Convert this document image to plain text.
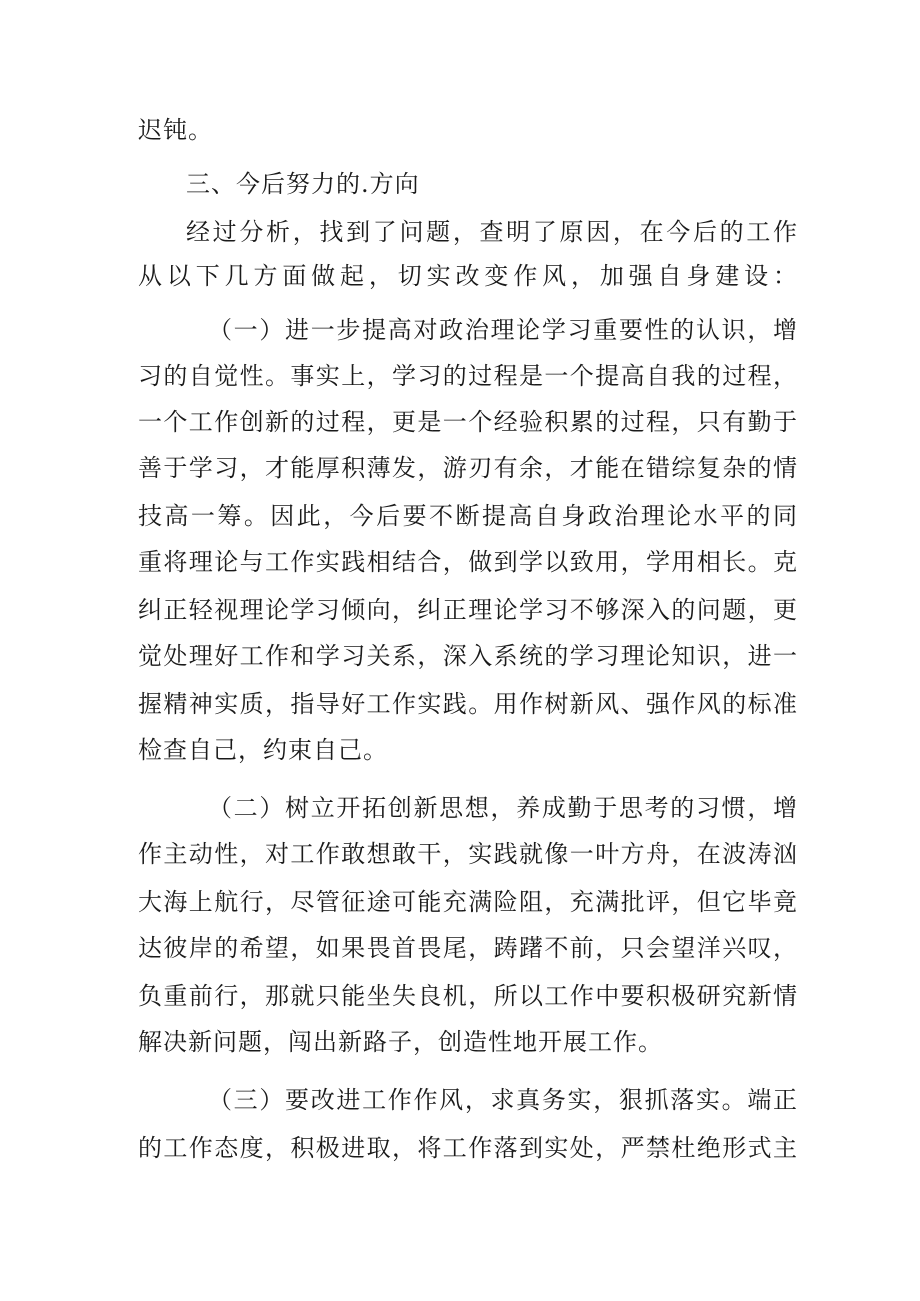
迟钝。
三、今后努力的.方向
经过分析，找到了问题，查明了原因，在今后的工作
从以下几方面做起，切实改变作风，加强自身建设：
（一）进一步提高对政治理论学习重要性的认识，增
习的自觉性。事实上，学习的过程是一个提高自我的过程，
一个工作创新的过程，更是一个经验积累的过程，只有勤于
善于学习，才能厚积薄发，游刃有余，才能在错综复杂的情
技高一筹。因此，今后要不断提高自身政治理论水平的同
重将理论与工作实践相结合，做到学以致用，学用相长。克
纠正轻视理论学习倾向，纠正理论学习不够深入的问题，更
觉处理好工作和学习关系，深入系统的学习理论知识，进一
握精神实质，指导好工作实践。用作树新风、强作风的标准
检查自己，约束自己。
（二）树立开拓创新思想，养成勤于思考的习惯，增
作主动性，对工作敢想敢干，实践就像一叶方舟，在波涛汹
大海上航行，尽管征途可能充满险阻，充满批评，但它毕竟
达彼岸的希望，如果畏首畏尾，踌躇不前，只会望洋兴叹，
负重前行，那就只能坐失良机，所以工作中要积极研究新情
解决新问题，闯出新路子，创造性地开展工作。
（三）要改进工作作风，求真务实，狠抓落实。端正
的工作态度，积极进取，将工作落到实处，严禁杜绝形式主
